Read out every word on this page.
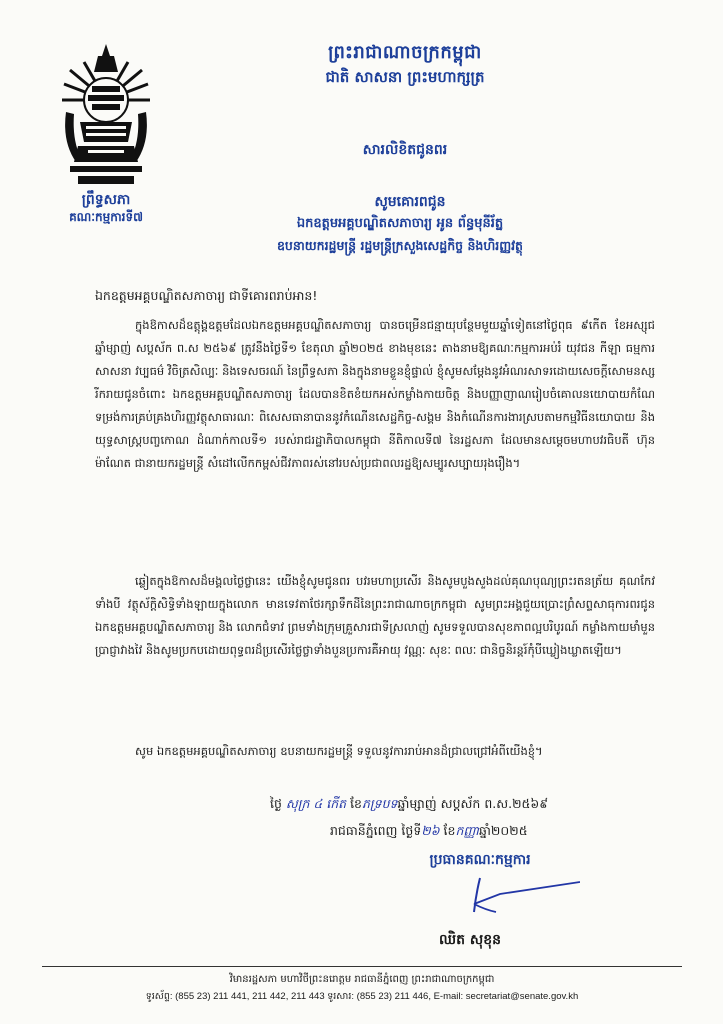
ព្រឹទ្ធសភា
គណៈកម្មការទី៧
ព្រះរាជាណាចក្រកម្ពុជា
ជាតិ សាសនា ព្រះមហាក្សត្រ
សារលិខិតជូនពរ
សូមគោរពជូន
ឯកឧត្តមអគ្គបណ្ឌិតសភាចារ្យ អូន ព័ន្ធមុនីរ័ត្ន
ឧបនាយករដ្ឋមន្ត្រី រដ្ឋមន្ត្រីក្រសួងសេដ្ឋកិច្ច និងហិរញ្ញវត្ថុ
ឯកឧត្តមអគ្គបណ្ឌិតសភាចារ្យ ជាទីគោរពរាប់អាន!
ក្នុងឱកាសដ៏ឧត្តុង្គឧត្តមដែលឯកឧត្តមអគ្គបណ្ឌិតសភាចារ្យ បានចម្រើនជន្មាយុបន្ថែមមួយឆ្នាំទៀតនៅថ្ងៃពុធ ៩កើត ខែអស្សុជ ឆ្នាំម្សាញ់ សប្តស័ក ព.ស ២៥៦៩ ត្រូវនឹងថ្ងៃទី១ ខែតុលា ឆ្នាំ២០២៥ ខាងមុខនេះ តាងនាមឱ្យគណៈកម្មការអប់រំ យុវជន កីឡា ធម្មការ សាសនា វប្បធម៌ វិចិត្រសិល្បៈ និងទេសចរណ៍ នៃព្រឹទ្ធសភា និងក្នុងនាមខ្លួនខ្ញុំផ្ទាល់ ខ្ញុំសូមសម្តែងនូវអំណរសាទរដោយសេចក្តីសោមនស្សរីករាយជូនចំពោះ ឯកឧត្តមអគ្គបណ្ឌិតសភាចារ្យ ដែលបានខិតខំយកអស់កម្លាំងកាយចិត្ត និងបញ្ញាញាណរៀបចំគោលនយោបាយកំណែទម្រង់ការគ្រប់គ្រងហិរញ្ញវត្ថុសាធារណៈ ពិសេសធានាបាននូវកំណើនសេដ្ឋកិច្ច-សង្គម និងកំណើនការងារស្របតាមកម្មវិធីនយោបាយ និងយុទ្ធសាស្ត្របញ្ចកោណ ដំណាក់កាលទី១ របស់រាជរដ្ឋាភិបាលកម្ពុជា នីតិកាលទី៧ នៃរដ្ឋសភា ដែលមានសម្តេចមហាបវរធិបតី ហ៊ុន ម៉ាណែត ជានាយករដ្ឋមន្ត្រី សំដៅលើកកម្ពស់ជីវភាពរស់នៅរបស់ប្រជាពលរដ្ឋឱ្យសម្បូរសប្បាយរុងរឿង។
ឆ្លៀតក្នុងឱកាសដ៏មង្គលថ្ងៃថ្លានេះ យើងខ្ញុំសូមជូនពរ បវរមហាប្រសើរ និងសូមបួងសួងដល់គុណបុណ្យព្រះរតនត្រ័យ គុណកែវទាំងបី វត្ថុស័ក្តិសិទ្ធិទាំងឡាយក្នុងលោក មានទេវតាថែរក្សាទឹកដីនៃព្រះរាជាណាចក្រកម្ពុជា សូមព្រះអង្គជួយប្រោះព្រំសព្ទសាធុការពរជូន ឯកឧត្តមអគ្គបណ្ឌិតសភាចារ្យ និង លោកជំទាវ ព្រមទាំងក្រុមគ្រួសារជាទីស្រលាញ់ សូមទទួលបានសុខភាពល្អបរិបូរណ៍ កម្លាំងកាយមាំមួន ប្រាជ្ញាវាងវៃ និងសូមប្រកបដោយពុទ្ធពរដ៏ប្រសើរថ្លៃថ្លាទាំងបួនប្រការគឺអាយុ វណ្ណៈ សុខៈ ពលៈ ជានិច្ចនិរន្តរ៍កុំបីឃ្លៀងឃ្លាតឡើយ។
សូម ឯកឧត្តមអគ្គបណ្ឌិតសភាចារ្យ ឧបនាយករដ្ឋមន្ត្រី ទទួលនូវការរាប់អានដ៏ជ្រាលជ្រៅអំពីយើងខ្ញុំ។
ថ្ងៃ សុក្រ ៤ កើត ខែភទ្របទឆ្នាំម្សាញ់ សប្តស័ក ព.ស.២៥៦៩
រាជធានីភ្នំពេញ ថ្ងៃទី២៦ ខែកញ្ញាឆ្នាំ២០២៥
ប្រធានគណៈកម្មការ
ឈិត សុខុន
វិមានរដ្ឋសភា មហាវិថីព្រះនរោត្តម រាជធានីភ្នំពេញ ព្រះរាជាណាចក្រកម្ពុជា
ទូរស័ព្ទ: (855 23) 211 441, 211 442, 211 443 ទូរសារ: (855 23) 211 446, E-mail: secretariat@senate.gov.kh
